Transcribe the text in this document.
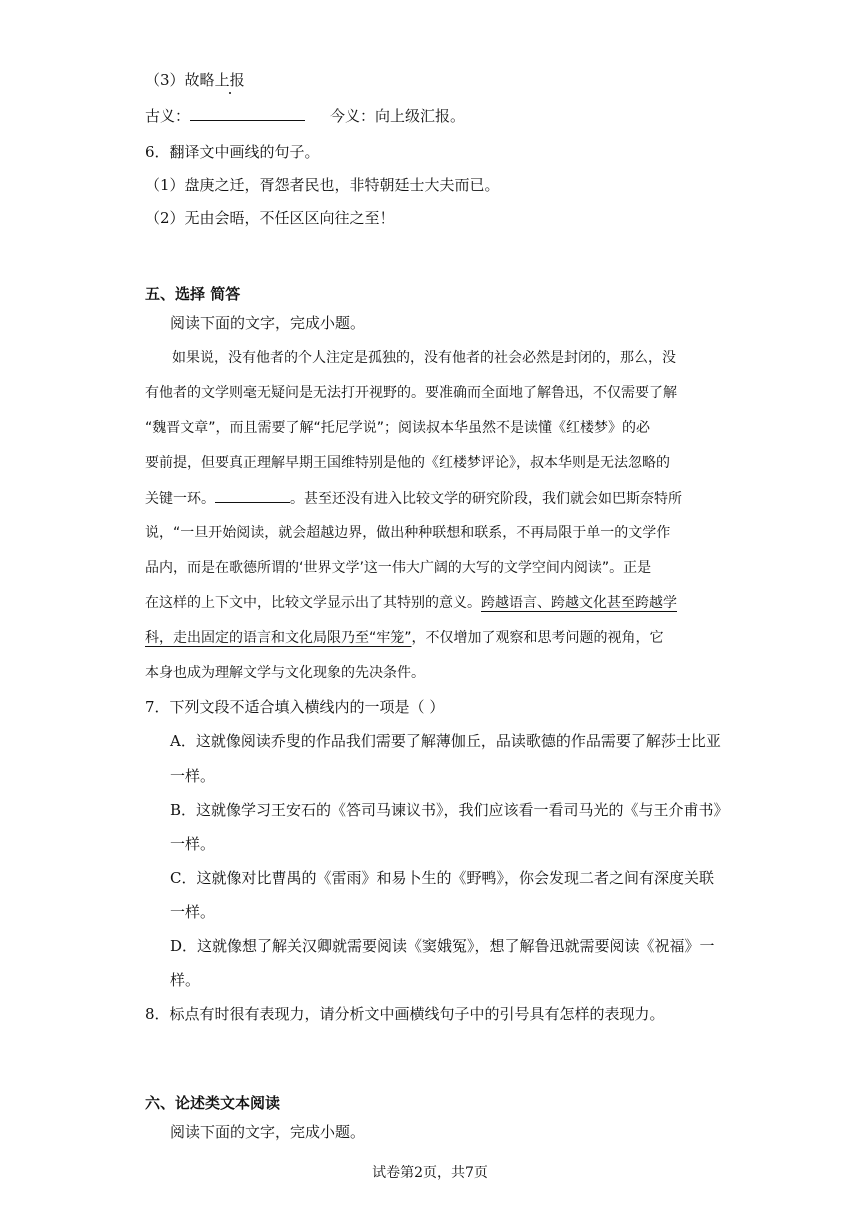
（3）故略上报
古义：	今义：向上级汇报。
6．翻译文中画线的句子。
（1）盘庚之迁，胥怨者民也，非特朝廷士大夫而已。
（2）无由会晤，不任区区向往之至！
五、选择 简答
阅读下面的文字，完成小题。
如果说，没有他者的个人注定是孤独的，没有他者的社会必然是封闭的，那么，没
有他者的文学则毫无疑问是无法打开视野的。要准确而全面地了解鲁迅，不仅需要了解
“魏晋文章”，而且需要了解“托尼学说”；阅读叔本华虽然不是读懂《红楼梦》的必
要前提，但要真正理解早期王国维特别是他的《红楼梦评论》，叔本华则是无法忽略的
关键一环。	。甚至还没有进入比较文学的研究阶段，我们就会如巴斯奈特所
说，“一旦开始阅读，就会超越边界，做出种种联想和联系，不再局限于单一的文学作
品内，而是在歌德所谓的‘世界文学’这一伟大广阔的大写的文学空间内阅读”。正是
在这样的上下文中，比较文学显示出了其特别的意义。跨越语言、跨越文化甚至跨越学
科，走出固定的语言和文化局限乃至“牢笼”，不仅增加了观察和思考问题的视角，它
本身也成为理解文学与文化现象的先决条件。
7．下列文段不适合填入横线内的一项是（ ）
A．这就像阅读乔叟的作品我们需要了解薄伽丘，品读歌德的作品需要了解莎士比亚
一样。
B．这就像学习王安石的《答司马谏议书》，我们应该看一看司马光的《与王介甫书》
一样。
C．这就像对比曹禺的《雷雨》和易卜生的《野鸭》，你会发现二者之间有深度关联
一样。
D．这就像想了解关汉卿就需要阅读《窦娥冤》，想了解鲁迅就需要阅读《祝福》一
样。
8．标点有时很有表现力，请分析文中画横线句子中的引号具有怎样的表现力。
六、论述类文本阅读
阅读下面的文字，完成小题。
试卷第2页，共7页
